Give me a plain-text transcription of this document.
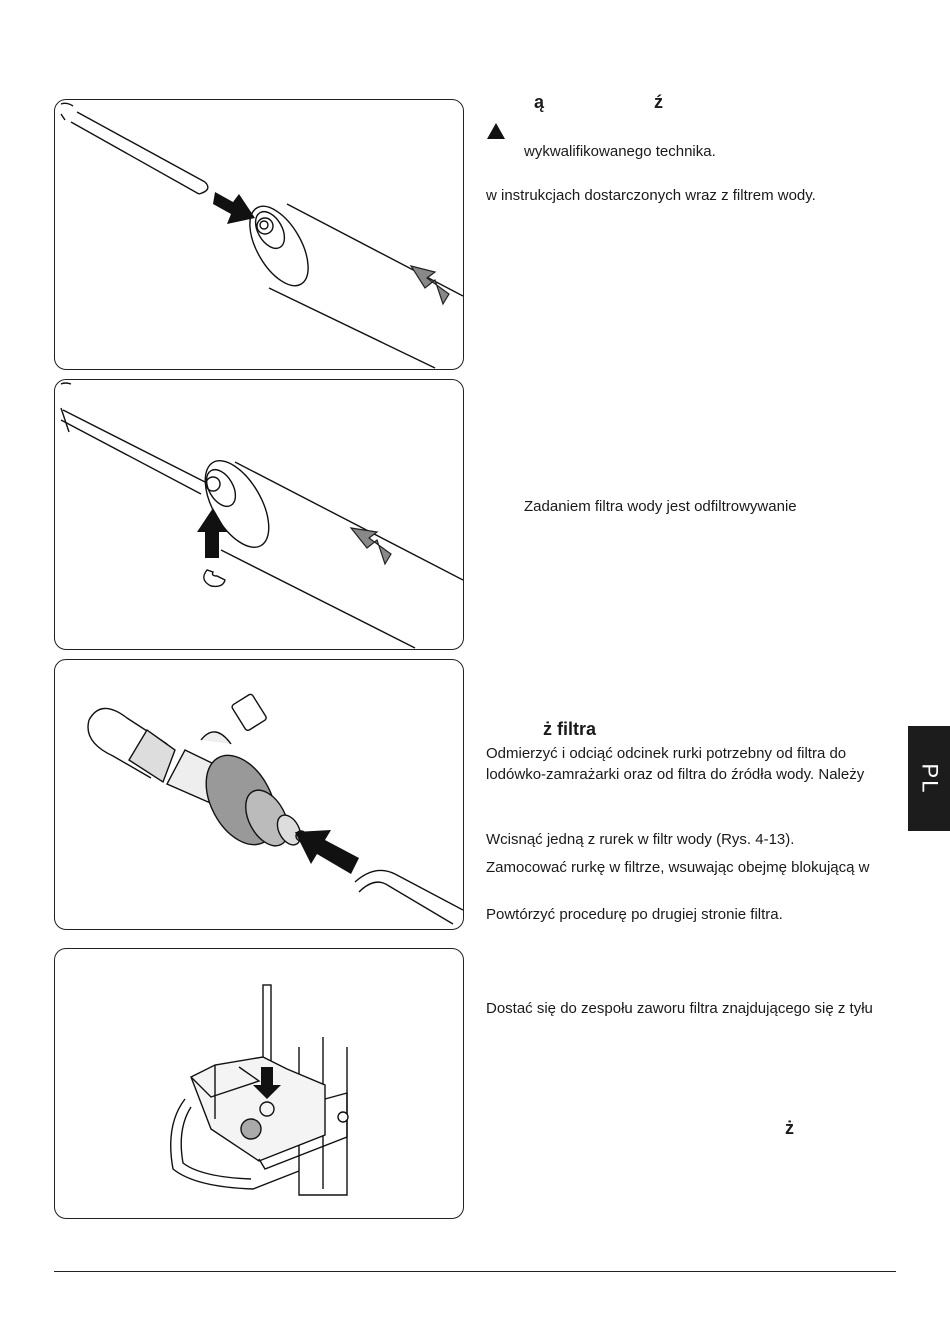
ą	ź
wykwalifikowanego technika.
w instrukcjach dostarczonych wraz z filtrem wody.
Zadaniem filtra wody jest odfiltrowywanie
ż filtra
Odmierzyć i odciąć odcinek rurki potrzebny od filtra do
lodówko-zamrażarki oraz od filtra do źródła wody. Należy
Wcisnąć jedną z rurek w filtr wody (Rys. 4-13).
Zamocować rurkę w filtrze, wsuwając obejmę blokującą w
Powtórzyć procedurę po drugiej stronie filtra.
Dostać się do zespołu zaworu filtra znajdującego się z tyłu
ż
PL
